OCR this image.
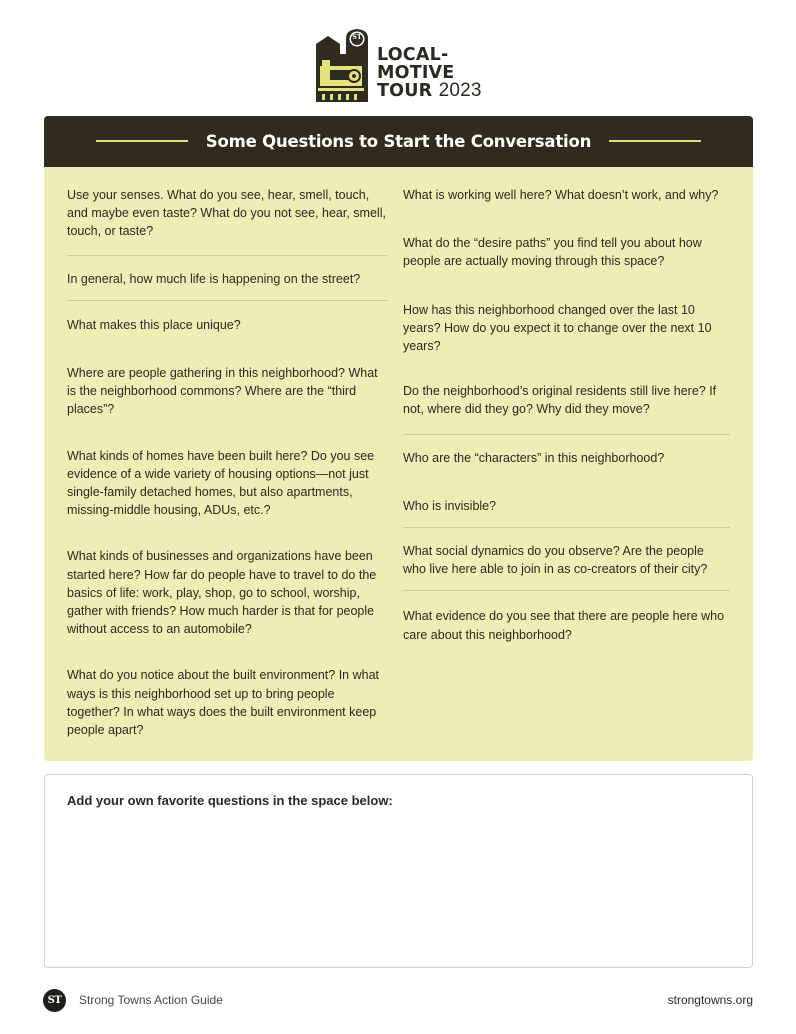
ST
LOCAL-
MOTIVE
TOUR 2023
Some Questions to Start the Conversation
Use your senses. What do you see, hear, smell, touch, and maybe even taste? What do you not see, hear, smell, touch, or taste?
In general, how much life is happening on the street?
What makes this place unique?
Where are people gathering in this neighborhood? What is the neighborhood commons? Where are the “third places”?
What kinds of homes have been built here? Do you see evidence of a wide variety of housing options—not just single-family detached homes, but also apartments, missing-middle housing, ADUs, etc.?
What kinds of businesses and organizations have been started here? How far do people have to travel to do the basics of life: work, play, shop, go to school, worship, gather with friends? How much harder is that for people without access to an automobile?
What do you notice about the built environment? In what ways is this neighborhood set up to bring people together? In what ways does the built environment keep people apart?
What is working well here? What doesn’t work, and why?
What do the “desire paths” you find tell you about how people are actually moving through this space?
How has this neighborhood changed over the last 10 years? How do you expect it to change over the next 10 years?
Do the neighborhood’s original residents still live here? If not, where did they go? Why did they move?
Who are the “characters” in this neighborhood?
Who is invisible?
What social dynamics do you observe? Are the people who live here able to join in as co-creators of their city?
What evidence do you see that there are people here who care about this neighborhood?
Add your own favorite questions in the space below:
ST	Strong Towns Action Guide	strongtowns.org
